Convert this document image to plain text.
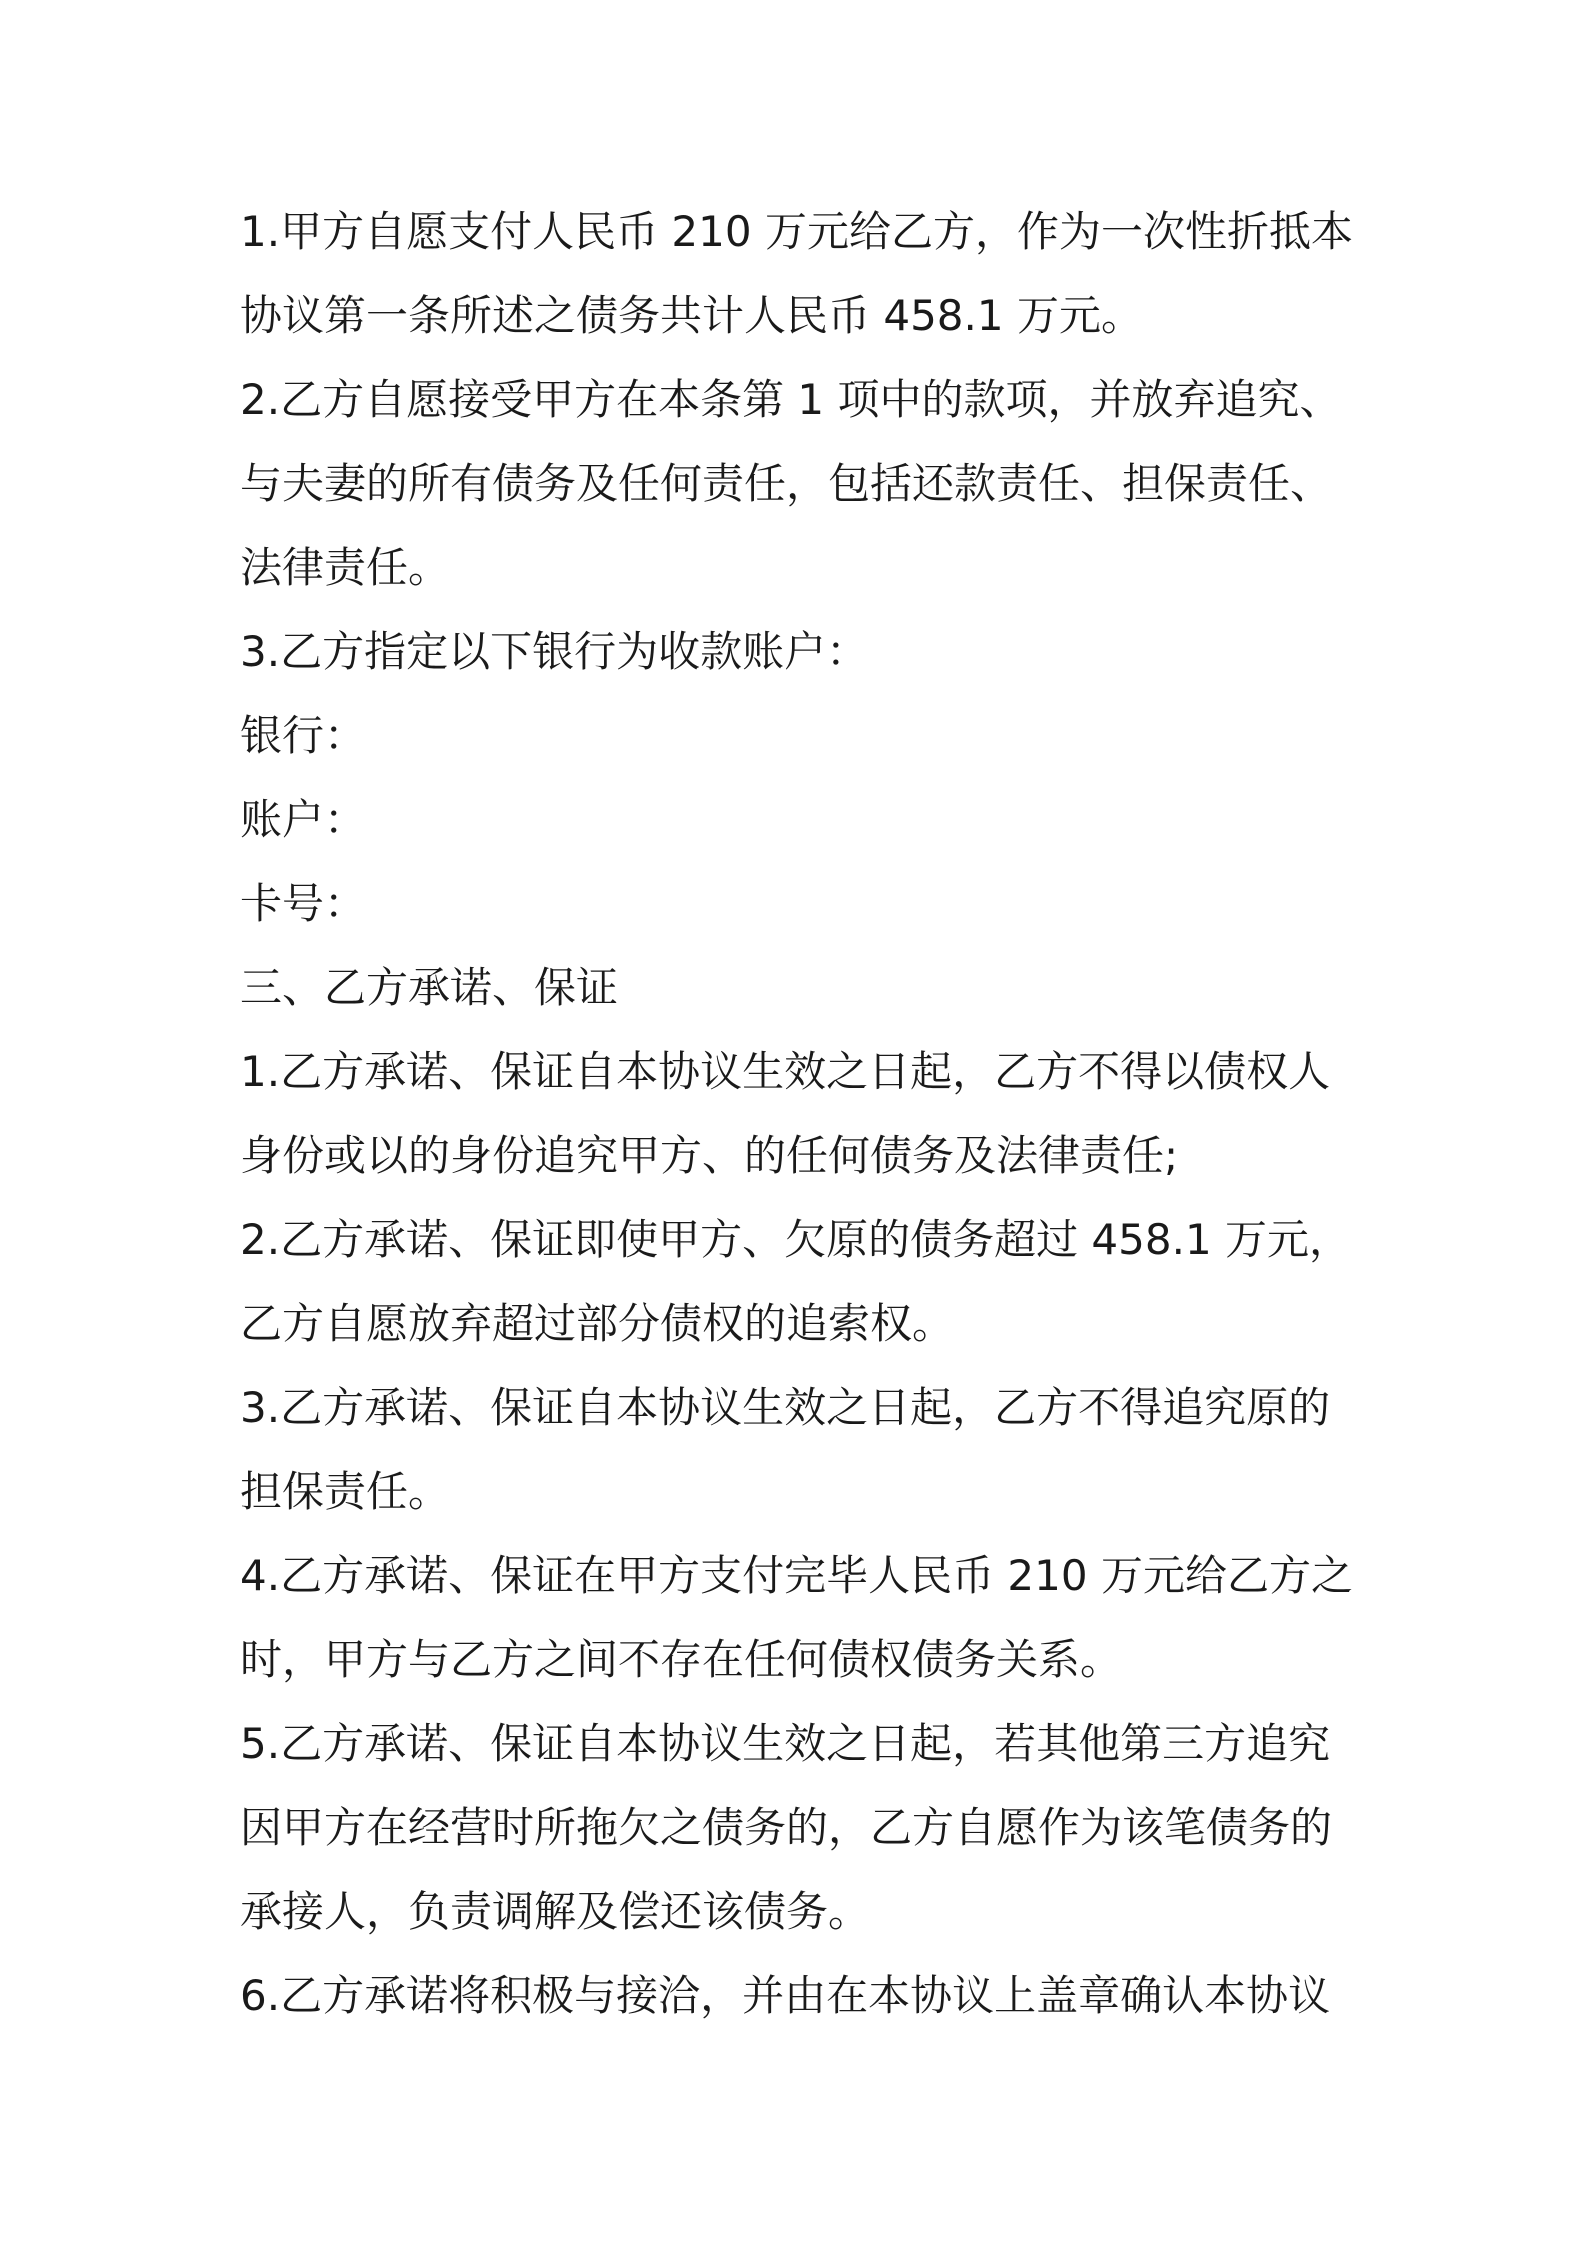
1.甲方自愿支付人民币 210 万元给乙方，作为一次性折抵本
协议第一条所述之债务共计人民币 458.1 万元。
2.乙方自愿接受甲方在本条第 1 项中的款项，并放弃追究、
与夫妻的所有债务及任何责任，包括还款责任、担保责任、
法律责任。
3.乙方指定以下银行为收款账户：
银行：
账户：
卡号：
三、乙方承诺、保证
1.乙方承诺、保证自本协议生效之日起，乙方不得以债权人
身份或以的身份追究甲方、的任何债务及法律责任;
2.乙方承诺、保证即使甲方、欠原的债务超过 458.1 万元，
乙方自愿放弃超过部分债权的追索权。
3.乙方承诺、保证自本协议生效之日起，乙方不得追究原的
担保责任。
4.乙方承诺、保证在甲方支付完毕人民币 210 万元给乙方之
时，甲方与乙方之间不存在任何债权债务关系。
5.乙方承诺、保证自本协议生效之日起，若其他第三方追究
因甲方在经营时所拖欠之债务的，乙方自愿作为该笔债务的
承接人，负责调解及偿还该债务。
6.乙方承诺将积极与接洽，并由在本协议上盖章确认本协议
